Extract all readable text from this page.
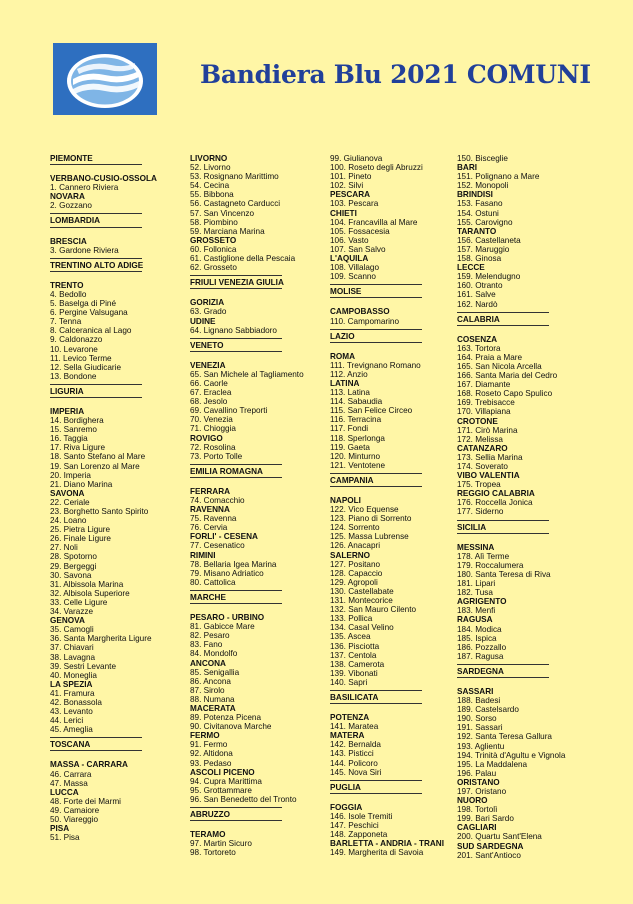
Bandiera Blu 2021 COMUNI
PIEMONTE
VERBANO-CUSIO-OSSOLA
1. Cannero Riviera
NOVARA
2. Gozzano
LOMBARDIA
BRESCIA
3. Gardone Riviera
TRENTINO ALTO ADIGE
TRENTO
4. Bedollo
5. Baselga di Piné
6. Pergine Valsugana
7. Tenna
8. Calceranica al Lago
9. Caldonazzo
10. Levarone
11. Levico Terme
12. Sella Giudicarie
13. Bondone
LIGURIA
IMPERIA
14. Bordighera
15. Sanremo
16. Taggia
17. Riva Ligure
18. Santo Stefano al Mare
19. San Lorenzo al Mare
20. Imperia
21. Diano Marina
SAVONA
22. Ceriale
23. Borghetto Santo Spirito
24. Loano
25. Pietra Ligure
26. Finale Ligure
27. Noli
28. Spotorno
29. Bergeggi
30. Savona
31. Albissola Marina
32. Albisola Superiore
33. Celle Ligure
34. Varazze
GENOVA
35. Camogli
36. Santa Margherita Ligure
37. Chiavari
38. Lavagna
39. Sestri Levante
40. Moneglia
LA SPEZIA
41. Framura
42. Bonassola
43. Levanto
44. Lerici
45. Ameglia
TOSCANA
MASSA - CARRARA
46. Carrara
47. Massa
LUCCA
48. Forte dei Marmi
49. Camaiore
50. Viareggio
PISA
51. Pisa
LIVORNO
52. Livorno
53. Rosignano Marittimo
54. Cecina
55. Bibbona
56. Castagneto Carducci
57. San Vincenzo
58. Piombino
59. Marciana Marina
GROSSETO
60. Follonica
61. Castiglione della Pescaia
62. Grosseto
FRIULI VENEZIA GIULIA
GORIZIA
63. Grado
UDINE
64. Lignano Sabbiadoro
VENETO
VENEZIA
65. San Michele al Tagliamento
66. Caorle
67. Eraclea
68. Jesolo
69. Cavallino Treporti
70. Venezia
71. Chioggia
ROVIGO
72. Rosolina
73. Porto Tolle
EMILIA ROMAGNA
FERRARA
74. Comacchio
RAVENNA
75. Ravenna
76. Cervia
FORLI' - CESENA
77. Cesenatico
RIMINI
78. Bellaria Igea Marina
79. Misano Adriatico
80. Cattolica
MARCHE
PESARO - URBINO
81. Gabicce Mare
82. Pesaro
83. Fano
84. Mondolfo
ANCONA
85. Senigallia
86. Ancona
87. Sirolo
88. Numana
MACERATA
89. Potenza Picena
90. Civitanova Marche
FERMO
91. Fermo
92. Altidona
93. Pedaso
ASCOLI PICENO
94. Cupra Marittima
95. Grottammare
96. San Benedetto del Tronto
ABRUZZO
TERAMO
97. Martin Sicuro
98. Tortoreto
99. Giulianova
100. Roseto degli Abruzzi
101. Pineto
102. Silvi
PESCARA
103. Pescara
CHIETI
104. Francavilla al Mare
105. Fossacesia
106. Vasto
107. San Salvo
L'AQUILA
108. Villalago
109. Scanno
MOLISE
CAMPOBASSO
110. Campomarino
LAZIO
ROMA
111. Trevignano Romano
112. Anzio
LATINA
113. Latina
114. Sabaudia
115. San Felice Circeo
116. Terracina
117. Fondi
118. Sperlonga
119. Gaeta
120. Minturno
121. Ventotene
CAMPANIA
NAPOLI
122. Vico Equense
123. Piano di Sorrento
124. Sorrento
125. Massa Lubrense
126. Anacapri
SALERNO
127. Positano
128. Capaccio
129. Agropoli
130. Castellabate
131. Montecorice
132. San Mauro Cilento
133. Pollica
134. Casal Velino
135. Ascea
136. Pisciotta
137. Centola
138. Camerota
139. Vibonati
140. Sapri
BASILICATA
POTENZA
141. Maratea
MATERA
142. Bernalda
143. Pisticci
144. Policoro
145. Nova Siri
PUGLIA
FOGGIA
146. Isole Tremiti
147. Peschici
148. Zapponeta
BARLETTA - ANDRIA - TRANI
149. Margherita di Savoia
150. Bisceglie
BARI
151. Polignano a Mare
152. Monopoli
BRINDISI
153. Fasano
154. Ostuni
155. Carovigno
TARANTO
156. Castellaneta
157. Maruggio
158. Ginosa
LECCE
159. Melendugno
160. Otranto
161. Salve
162. Nardò
CALABRIA
COSENZA
163. Tortora
164. Praia a Mare
165. San Nicola Arcella
166. Santa Maria del Cedro
167. Diamante
168. Roseto Capo Spulico
169. Trebisacce
170. Villapiana
CROTONE
171. Cirò Marina
172. Melissa
CATANZARO
173. Sellia Marina
174. Soverato
VIBO VALENTIA
175. Tropea
REGGIO CALABRIA
176. Roccella Jonica
177. Siderno
SICILIA
MESSINA
178. Alì Terme
179. Roccalumera
180. Santa Teresa di Riva
181. Lipari
182. Tusa
AGRIGENTO
183. Menfi
RAGUSA
184. Modica
185. Ispica
186. Pozzallo
187. Ragusa
SARDEGNA
SASSARI
188. Badesi
189. Castelsardo
190. Sorso
191. Sassari
192. Santa Teresa Gallura
193. Aglientu
194. Trinità d'Agultu e Vignola
195. La Maddalena
196. Palau
ORISTANO
197. Oristano
NUORO
198. Tortolì
199. Bari Sardo
CAGLIARI
200. Quartu Sant'Elena
SUD SARDEGNA
201. Sant'Antioco
